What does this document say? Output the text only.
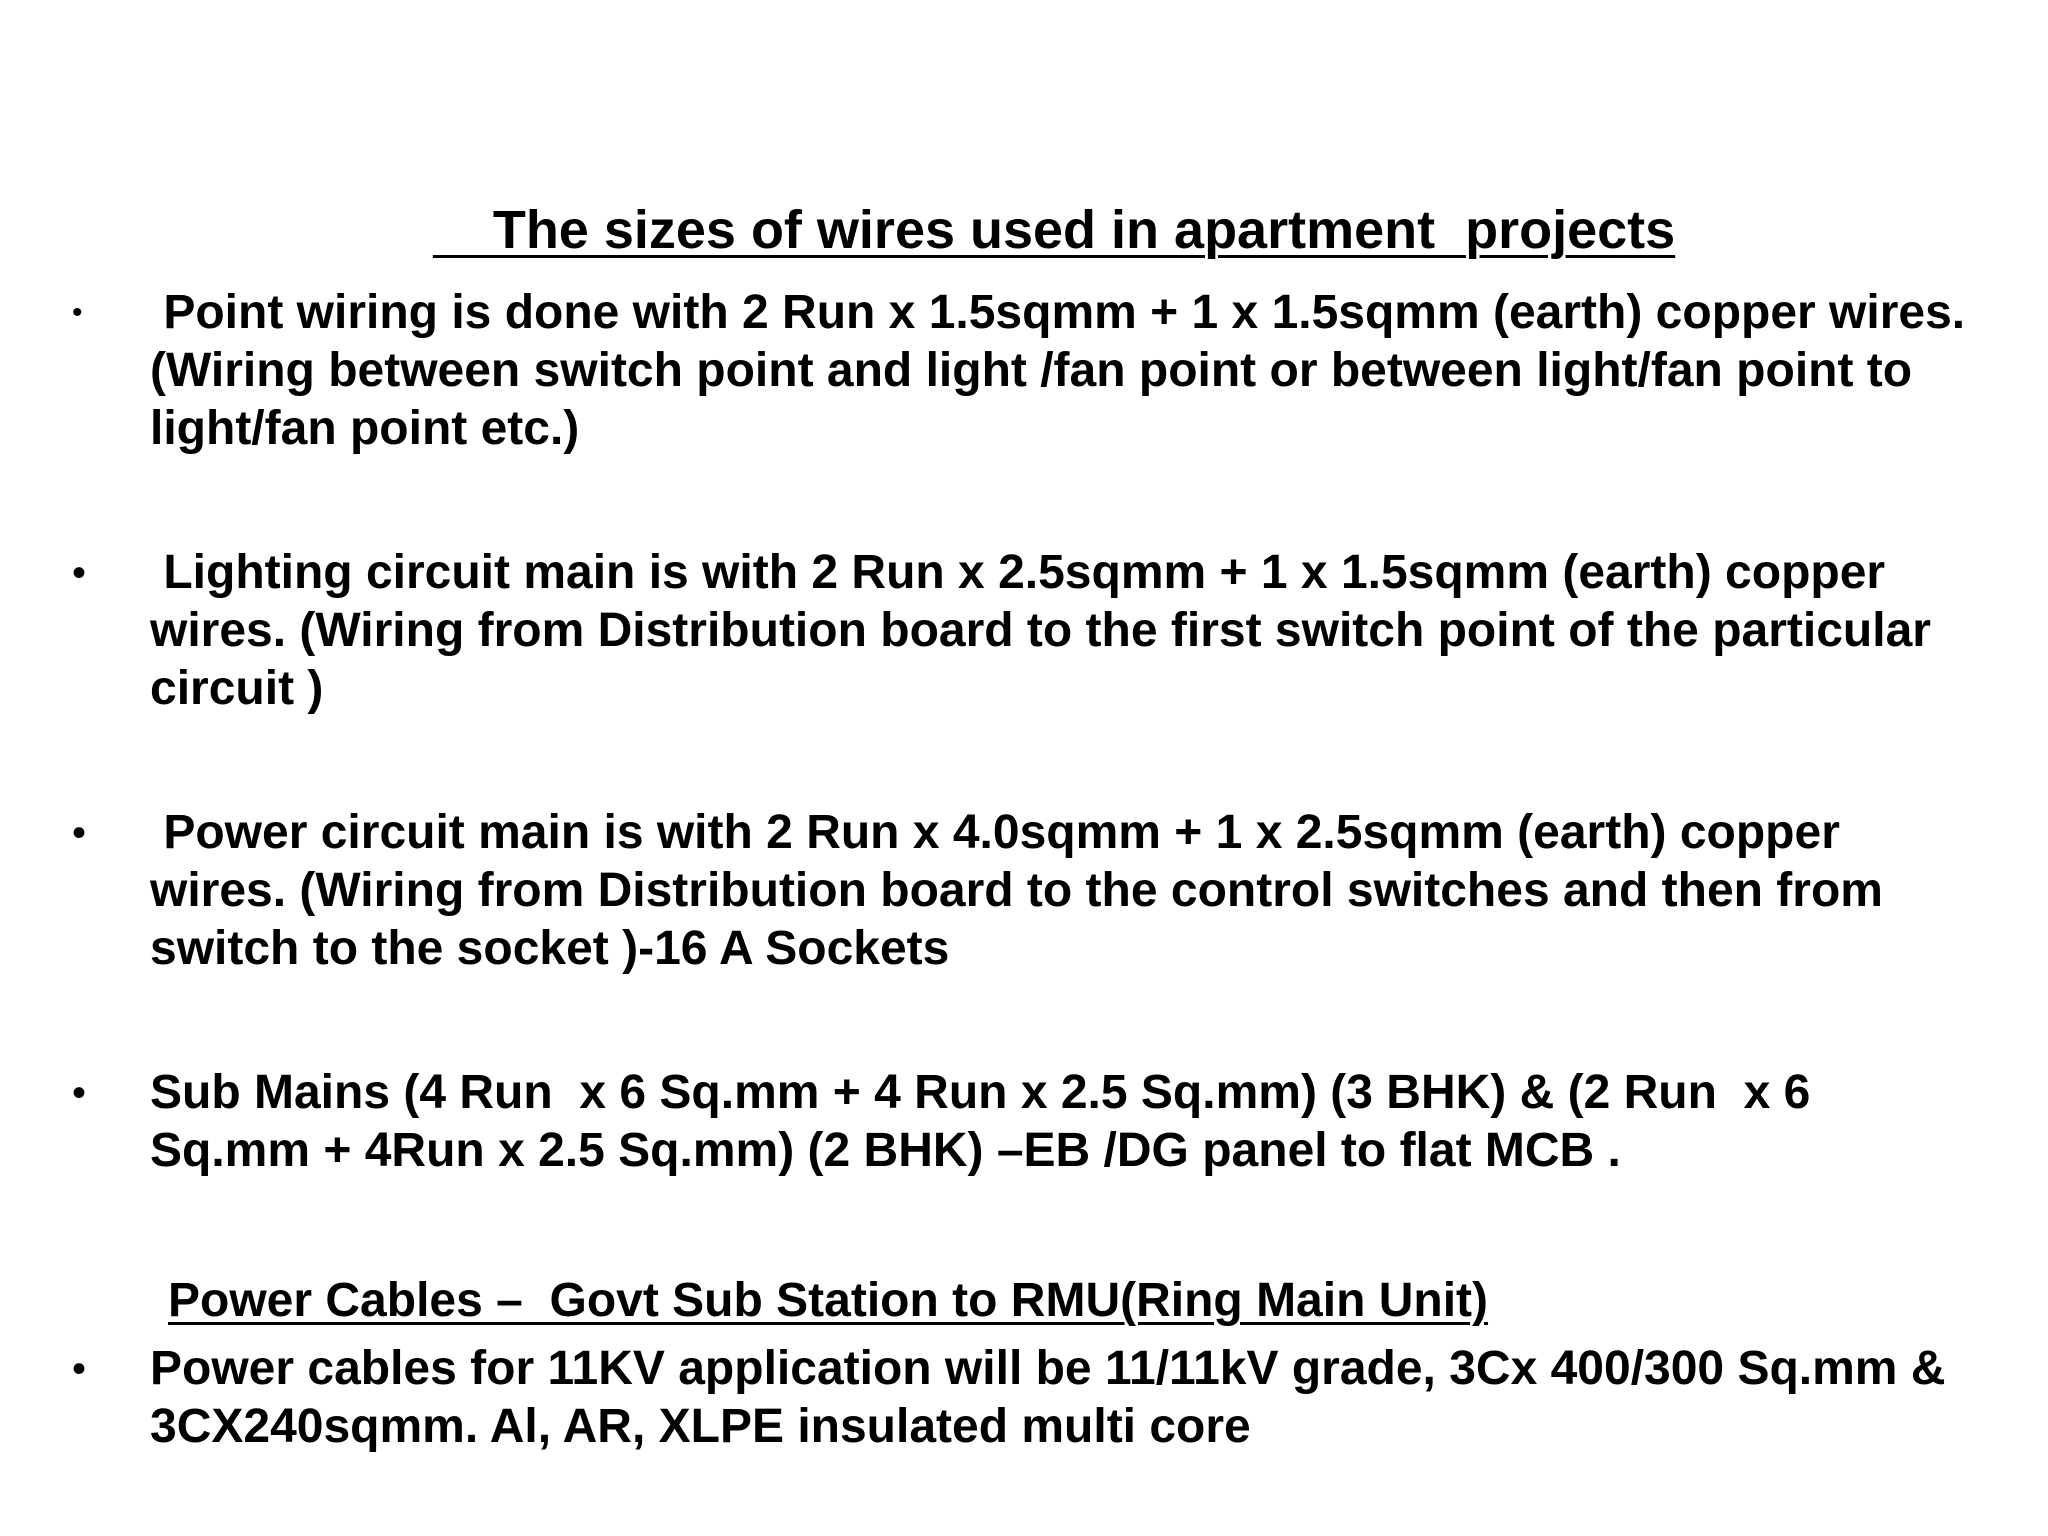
The sizes of wires used in apartment  projects

• Point wiring is done with 2 Run x 1.5sqmm + 1 x 1.5sqmm (earth) copper wires. (Wiring between switch point and light /fan point or between light/fan point to light/fan point etc.)
• Lighting circuit main is with 2 Run x 2.5sqmm + 1 x 1.5sqmm (earth) copper wires. (Wiring from Distribution board to the first switch point of the particular circuit )
• Power circuit main is with 2 Run x 4.0sqmm + 1 x 2.5sqmm (earth) copper wires. (Wiring from Distribution board to the control switches and then from switch to the socket )-16 A Sockets
• Sub Mains (4 Run  x 6 Sq.mm + 4 Run x 2.5 Sq.mm) (3 BHK) & (2 Run  x 6 Sq.mm + 4Run x 2.5 Sq.mm) (2 BHK) –EB /DG panel to flat MCB .
Power Cables –  Govt Sub Station to RMU(Ring Main Unit)
• Power cables for 11KV application will be 11/11kV grade, 3Cx 400/300 Sq.mm & 3CX240sqmm. Al, AR, XLPE insulated multi core
